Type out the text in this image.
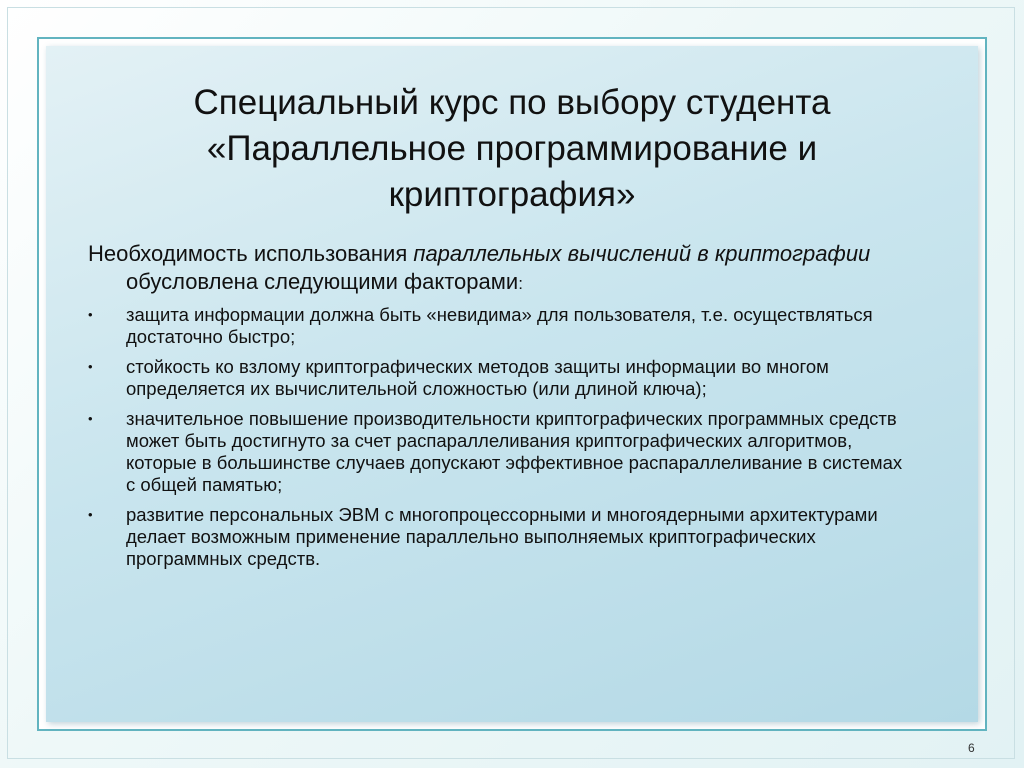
Специальный курс по выбору студента
«Параллельное программирование и
криптография»

Необходимость использования параллельных вычислений в криптографии обусловлена следующими факторами:

• защита информации должна быть «невидима» для пользователя, т.е. осуществляться достаточно быстро;
• стойкость ко взлому криптографических методов защиты информации во многом определяется их вычислительной сложностью (или длиной ключа);
• значительное повышение производительности криптографических программных средств может быть достигнуто за счет распараллеливания криптографических алгоритмов, которые в большинстве случаев допускают эффективное распараллеливание в системах с общей памятью;
• развитие персональных ЭВМ с многопроцессорными и многоядерными архитектурами делает возможным применение параллельно выполняемых криптографических программных средств.
6
